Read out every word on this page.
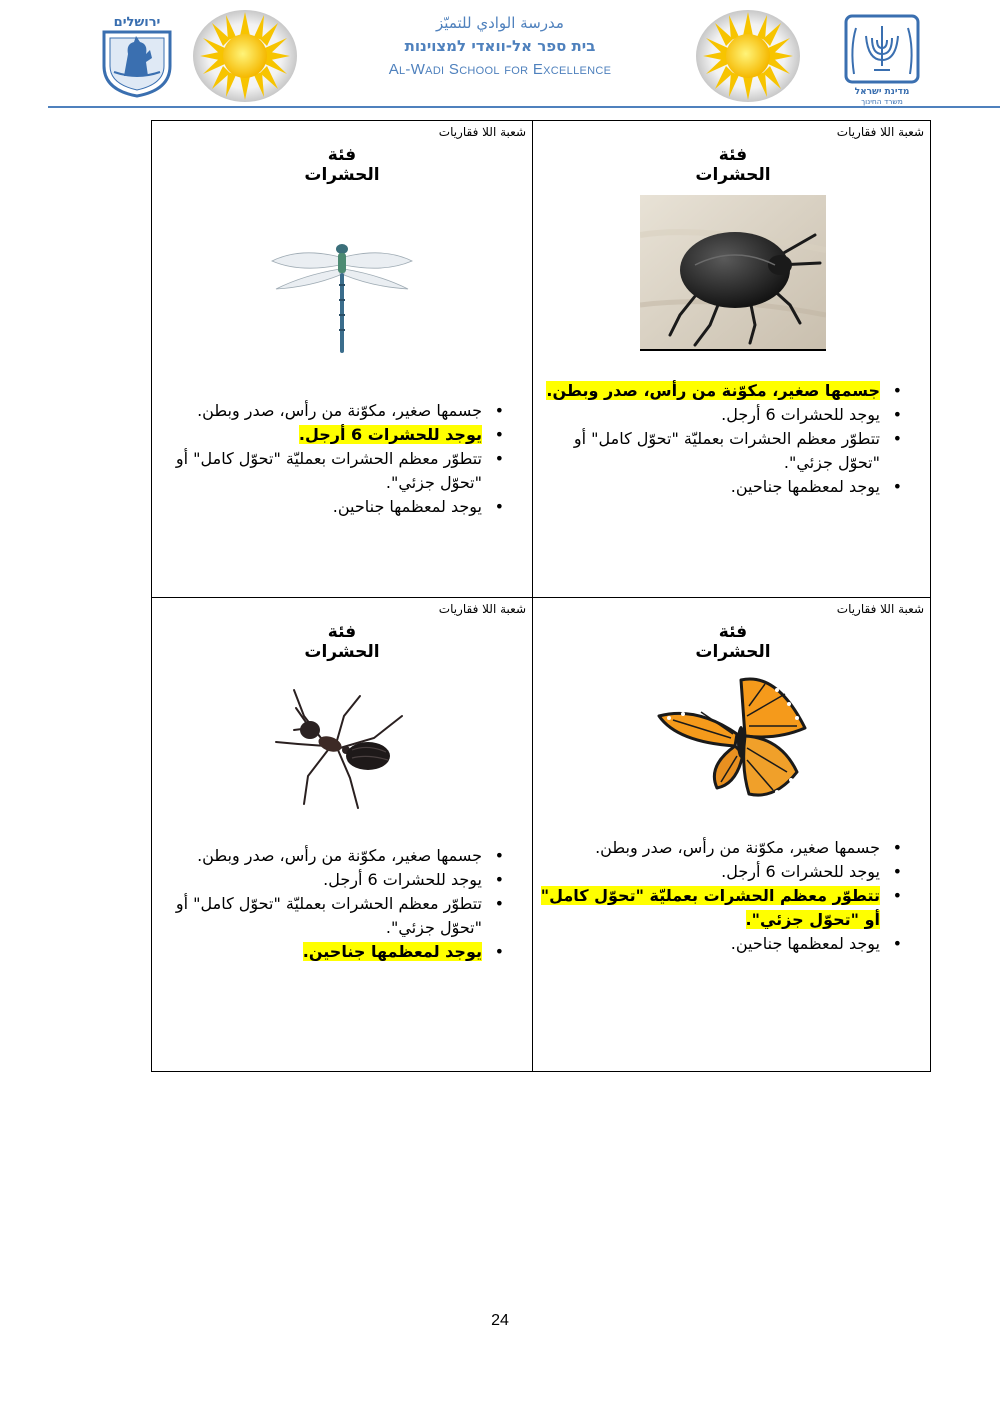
ירושלים	مدرسة الوادي للتميّز
בית ספר אל-וואדי למצוינות
Al-Wadi School for Excellence
מדינת ישראל
משרד החינוך
شعبة اللا فقاريات
فئة الحشرات
• جسمها صغير، مكوّنة من رأس، صدر وبطن.
• يوجد للحشرات 6 أرجل.
• تتطوّر معظم الحشرات بعمليّة "تحوّل كامل" أو "تحوّل جزئي".
• يوجد لمعظمها جناحين.
شعبة اللا فقاريات
فئة الحشرات
• جسمها صغير، مكوّنة من رأس، صدر وبطن.
• يوجد للحشرات 6 أرجل.
• تتطوّر معظم الحشرات بعمليّة "تحوّل كامل" أو "تحوّل جزئي".
• يوجد لمعظمها جناحين.
شعبة اللا فقاريات
فئة الحشرات
• جسمها صغير، مكوّنة من رأس، صدر وبطن.
• يوجد للحشرات 6 أرجل.
• تتطوّر معظم الحشرات بعمليّة "تحوّل كامل" أو "تحوّل جزئي".
• يوجد لمعظمها جناحين.
شعبة اللا فقاريات
فئة الحشرات
• جسمها صغير، مكوّنة من رأس، صدر وبطن.
• يوجد للحشرات 6 أرجل.
• تتطوّر معظم الحشرات بعمليّة "تحوّل كامل" أو "تحوّل جزئي".
• يوجد لمعظمها جناحين.
24
